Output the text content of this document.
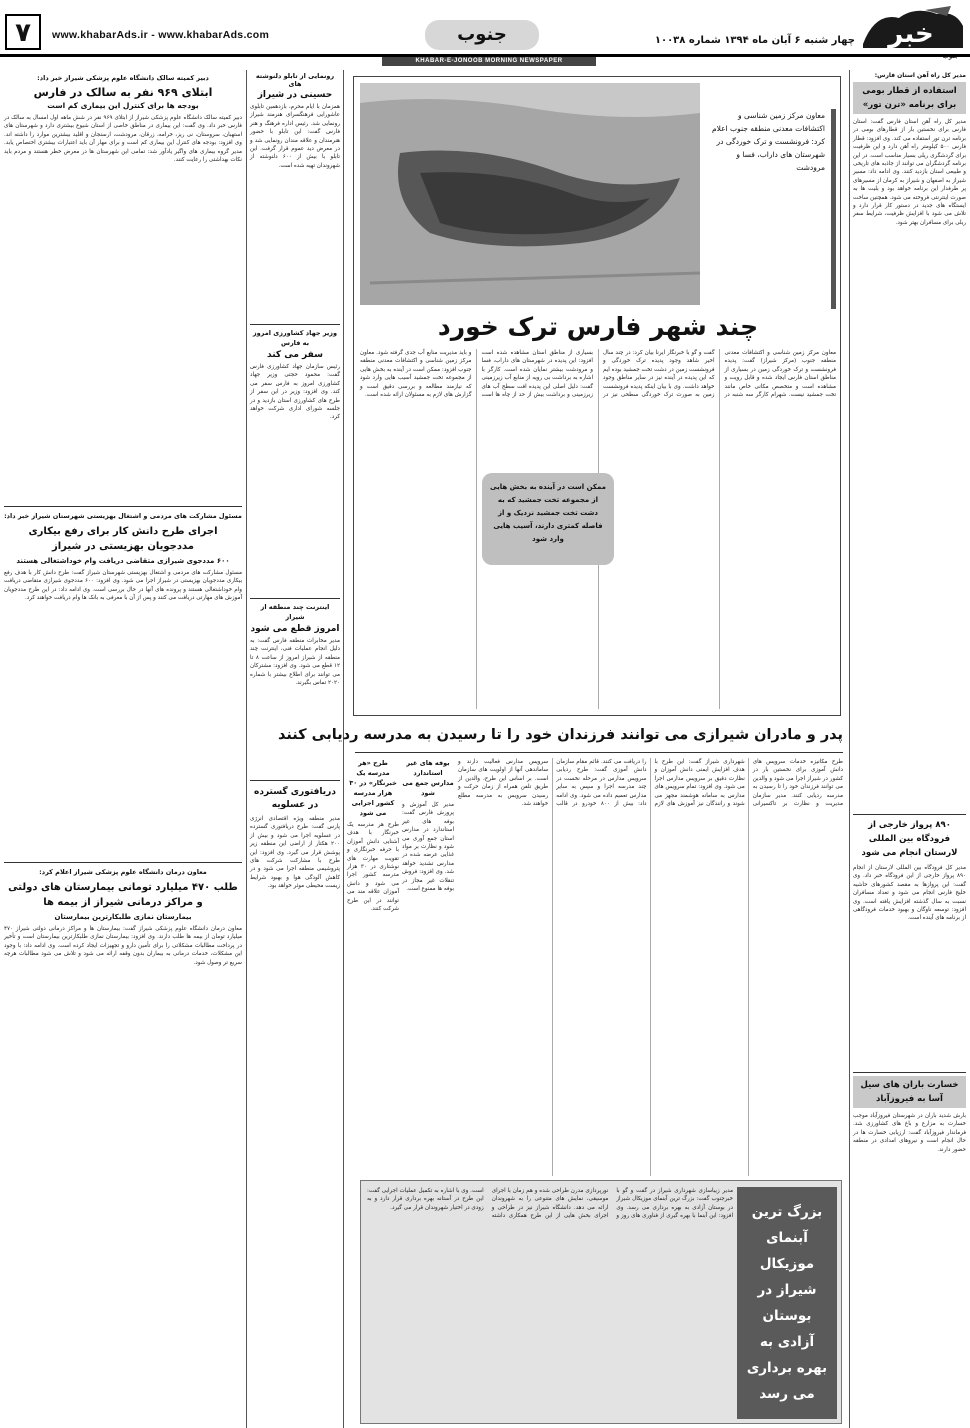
۷	www.khabarAds.ir - www.khabarAds.com	جنوب	چهار شنبه ۶ آبان ماه ۱۳۹۴ شماره ۱۰۰۳۸ خبر
KHABAR-E-JONOOB MORNING NEWSPAPER
دبیر کمیته سالک دانشگاه علوم پزشکی شیراز خبر داد:
ابتلای ۹۶۹ نفر به سالک در فارس
بودجه ها برای کنترل این بیماری کم است
دبیر کمیته سالک دانشگاه علوم پزشکی شیراز از ابتلای ۹۶۹ نفر در شش ماهه اول امسال به سالک در فارس خبر داد. وی گفت: این بیماری در مناطق خاصی از استان شیوع بیشتری دارد و شهرستان های استهبان، سروستان، نی ریز، خرامه، زرقان، مرودشت، ارسنجان و اقلید بیشترین موارد را داشته اند. وی افزود: بودجه های کنترل این بیماری کم است و برای مهار آن باید اعتبارات بیشتری اختصاص یابد. مدیر گروه بیماری های واگیر یادآور شد: تمامی این شهرستان ها در معرض خطر هستند و مردم باید نکات بهداشتی را رعایت کنند.
مسئول مشارکت های مردمی و اشتغال بهزیستی شهرستان شیراز خبر داد:
اجرای طرح دانش کار برای رفع بیکاری مددجویان بهزیستی در شیراز
۶۰۰ مددجوی شیرازی متقاضی دریافت وام خوداشتغالی هستند
مسئول مشارکت های مردمی و اشتغال بهزیستی شهرستان شیراز گفت: طرح دانش کار با هدف رفع بیکاری مددجویان بهزیستی در شیراز اجرا می شود. وی افزود: ۶۰۰ مددجوی شیرازی متقاضی دریافت وام خوداشتغالی هستند و پرونده های آنها در حال بررسی است. وی ادامه داد: در این طرح مددجویان آموزش های مهارتی دریافت می کنند و پس از آن با معرفی به بانک ها وام دریافت خواهند کرد.
معاون درمان دانشگاه علوم پزشکی شیراز اعلام کرد:
طلب ۴۷۰ میلیارد تومانی بیمارستان های دولتی و مراکز درمانی شیراز از بیمه ها
بیمارستان نمازی طلبکارترین بیمارستان
معاون درمان دانشگاه علوم پزشکی شیراز گفت: بیمارستان ها و مراکز درمانی دولتی شیراز ۴۷۰ میلیارد تومان از بیمه ها طلب دارند. وی افزود: بیمارستان نمازی طلبکارترین بیمارستان است و تأخیر در پرداخت مطالبات مشکلاتی را برای تأمین دارو و تجهیزات ایجاد کرده است. وی ادامه داد: با وجود این مشکلات، خدمات درمانی به بیماران بدون وقفه ارائه می شود و تلاش می شود مطالبات هرچه سریع تر وصول شود.
رونمایی از تابلو دلنوشته های
حسینی در شیراز
همزمان با ایام محرم، بازدهمین تابلوی عاشورایی فرهنگسرای هنرمند شیراز رونمایی شد. رئیس اداره فرهنگ و هنر فارس گفت: این تابلو با حضور هنرمندان و علاقه مندان رونمایی شد و در معرض دید عموم قرار گرفت. این تابلو با بیش از ۶۰۰ دلنوشته از شهروندان تهیه شده است.
وزیر جهاد کشاورزی امروز به فارس
سفر می کند
رئیس سازمان جهاد کشاورزی فارس گفت: محمود حجتی وزیر جهاد کشاورزی امروز به فارس سفر می کند. وی افزود: وزیر در این سفر از طرح های کشاورزی استان بازدید و در جلسه شورای اداری شرکت خواهد کرد.
اینترنت چند منطقه از شیراز
امروز قطع می شود
مدیر مخابرات منطقه فارس گفت: به دلیل انجام عملیات فنی، اینترنت چند منطقه از شیراز امروز از ساعت ۸ تا ۱۲ قطع می شود. وی افزود: مشترکان می توانند برای اطلاع بیشتر با شماره ۲۰۲۰ تماس بگیرند.
دریافتوری گسترده در عسلویه
مدیر منطقه ویژه اقتصادی انرژی پارس گفت: طرح دریافتوری گسترده در عسلویه اجرا می شود و بیش از ۲۰۰ هکتار از اراضی این منطقه زیر پوشش قرار می گیرد. وی افزود: این طرح با مشارکت شرکت های پتروشیمی منطقه اجرا می شود و در کاهش آلودگی هوا و بهبود شرایط زیست محیطی موثر خواهد بود.
معاون مرکز زمین شناسی و اکتشافات معدنی منطقه جنوب اعلام کرد: فرونشست و ترک خوردگی در شهرستان های داراب، فسا و مرودشت
چند شهر فارس ترک خورد
معاون مرکز زمین شناسی و اکتشافات معدنی منطقه جنوب (مرکز شیراز) گفت: پدیده فرونشست و ترک خوردگی زمین در بسیاری از مناطق استان فارس ایجاد شده و قابل رویت و مشاهده است و متخصص مکانی خاص مانند تخت جمشید نیست. شهرام کارگر سه شنبه در گفت و گو با خبرنگار ایرنا بیان کرد: در چند سال اخیر شاهد وجود پدیده ترک خوردگی و فرونشست زمین در دشت تخت جمشید بوده ایم که این پدیده در آینده نیز در سایر مناطق وجود خواهد داشت. وی با بیان اینکه پدیده فرونشست زمین به صورت ترک خوردگی سطحی نیز در بسیاری از مناطق استان مشاهده شده است افزود: این پدیده در شهرستان های داراب، فسا و مرودشت بیشتر نمایان شده است. کارگر با اشاره به برداشت بی رویه از منابع آب زیرزمینی گفت: دلیل اصلی این پدیده افت سطح آب های زیرزمینی و برداشت بیش از حد از چاه ها است و باید مدیریت منابع آب جدی گرفته شود. معاون مرکز زمین شناسی و اکتشافات معدنی منطقه جنوب افزود: ممکن است در آینده به بخش هایی از مجموعه تخت جمشید آسیب هایی وارد شود که نیازمند مطالعه و بررسی دقیق است و گزارش های لازم به مسئولان ارائه شده است.
ممکن است در آینده به بخش هایی از مجموعه تخت جمشید که به دشت تخت جمشید نزدیک و از فاصله کمتری دارند، آسیب هایی وارد شود
پدر و مادران شیرازی می توانند فرزندان خود را تا رسیدن به مدرسه ردیابی کنند
طرح مکانیزه خدمات سرویس های دانش آموزی برای نخستین بار در کشور در شیراز اجرا می شود و والدین می توانند فرزندان خود را تا رسیدن به مدرسه ردیابی کنند. مدیر سازمان مدیریت و نظارت بر تاکسیرانی شهرداری شیراز گفت: این طرح با هدف افزایش ایمنی دانش آموزان و نظارت دقیق بر سرویس مدارس اجرا می شود. وی افزود: تمام سرویس های مدارس به سامانه هوشمند مجهز می شوند و رانندگان نیز آموزش های لازم را دریافت می کنند. قائم مقام سازمان دانش آموزی گفت: طرح ردیابی سرویس مدارس در مرحله نخست در چند مدرسه اجرا و سپس به سایر مدارس تعمیم داده می شود. وی ادامه داد: بیش از ۸۰۰ خودرو در قالب سرویس مدارس فعالیت دارند و ساماندهی آنها از اولویت های سازمان است. بر اساس این طرح، والدین از طریق تلفن همراه از زمان حرکت و رسیدن سرویس به مدرسه مطلع خواهند شد.
بوفه های غیر استاندارد مدارس جمع می شود
مدیر کل آموزش و پرورش فارس گفت: بوفه های غیر استاندارد در مدارس استان جمع آوری می شود و نظارت بر مواد غذایی عرضه شده در مدارس تشدید خواهد شد. وی افزود: فروش تنقلات غیر مجاز در بوفه ها ممنوع است.
طرح «هر مدرسه یک خبرنگار» در ۳۰ هزار مدرسه کشور اجرایی می شود
طرح هر مدرسه یک خبرنگار با هدف آشنایی دانش آموزان با حرفه خبرنگاری و تقویت مهارت های نوشتاری در ۳۰ هزار مدرسه کشور اجرا می شود و دانش آموزان علاقه مند می توانند در این طرح شرکت کنند.
مدیر زیباسازی شهرداری شیراز در گفت و گو با خبرجنوب گفت: بزرگ ترین آبنمای موزیکال شیراز در بوستان آزادی به بهره برداری می رسد. وی افزود: این آبنما با بهره گیری از فناوری های روز و نورپردازی مدرن طراحی شده و هم زمان با اجرای موسیقی، نمایش های متنوعی را به شهروندان ارائه می دهد. دانشگاه شیراز نیز در طراحی و اجرای بخش هایی از این طرح همکاری داشته است. وی با اشاره به تکمیل عملیات اجرایی گفت: این طرح در آستانه بهره برداری قرار دارد و به زودی در اختیار شهروندان قرار می گیرد.	بزرگ ترین آبنمای موزیکال شیراز در بوستان آزادی به بهره برداری می رسد
مدیر کل راه آهن استان فارس:
استفاده از قطار بومی برای برنامه «ترن تور»
مدیر کل راه آهن استان فارس گفت: استان فارس برای نخستین بار از قطارهای بومی در برنامه ترن تور استفاده می کند. وی افزود: قطار فارس ۵۰۰ کیلومتر راه آهن دارد و این ظرفیت برای گردشگری ریلی بسیار مناسب است. در این برنامه گردشگران می توانند از جاذبه های تاریخی و طبیعی استان بازدید کنند. وی ادامه داد: مسیر شیراز به اصفهان و شیراز به کرمان از مسیرهای پر طرفدار این برنامه خواهد بود و بلیت ها به صورت اینترنتی فروخته می شود. همچنین ساخت ایستگاه های جدید در دستور کار قرار دارد و تلاش می شود با افزایش ظرفیت، شرایط سفر ریلی برای مسافران بهتر شود.
۸۹۰ پرواز خارجی از فرودگاه بین المللی لارستان انجام می شود
مدیر کل فرودگاه بین المللی لارستان از انجام ۸۹۰ پرواز خارجی از این فرودگاه خبر داد. وی گفت: این پروازها به مقصد کشورهای حاشیه خلیج فارس انجام می شود و تعداد مسافران نسبت به سال گذشته افزایش یافته است. وی افزود: توسعه ناوگان و بهبود خدمات فرودگاهی از برنامه های آینده است.
خسارت باران های سیل آسا به فیروزآباد
بارش شدید باران در شهرستان فیروزآباد موجب خسارت به مزارع و باغ های کشاورزی شد. فرماندار فیروزآباد گفت: ارزیابی خسارت ها در حال انجام است و نیروهای امدادی در منطقه حضور دارند.
